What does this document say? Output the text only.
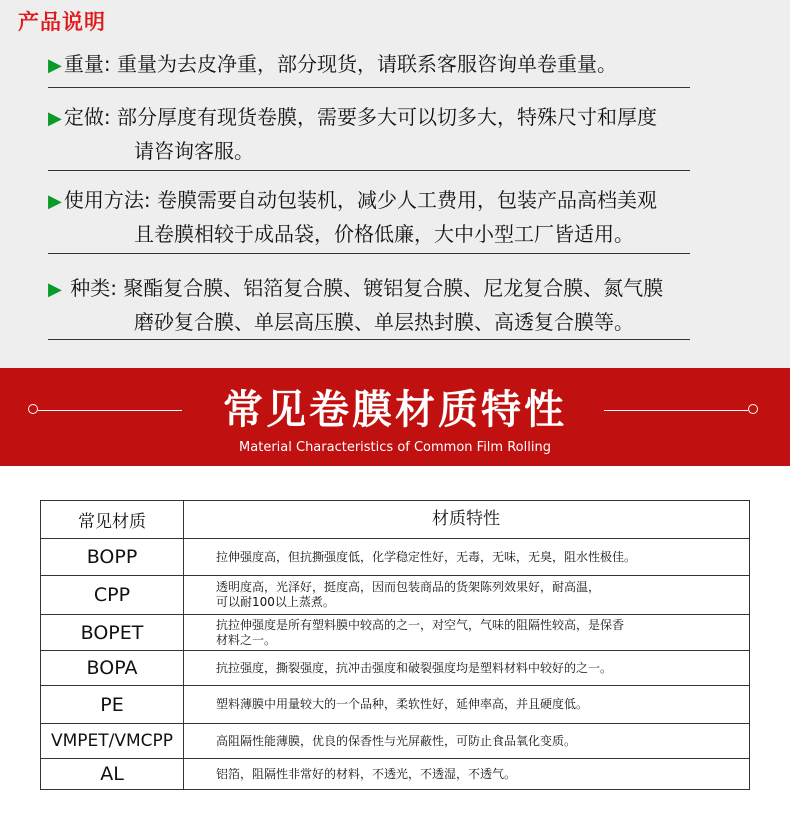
产品说明
▶ 重量: 重量为去皮净重，部分现货，请联系客服咨询单卷重量。
▶ 定做: 部分厚度有现货卷膜，需要多大可以切多大，特殊尺寸和厚度
请咨询客服。
▶ 使用方法: 卷膜需要自动包装机，减少人工费用，包装产品高档美观
且卷膜相较于成品袋，价格低廉，大中小型工厂皆适用。
▶ 种类: 聚酯复合膜、铝箔复合膜、镀铝复合膜、尼龙复合膜、氮气膜
磨砂复合膜、单层高压膜、单层热封膜、高透复合膜等。
常见卷膜材质特性
Material Characteristics of Common Film Rolling
常见材质	材质特性
BOPP	拉伸强度高，但抗撕强度低，化学稳定性好，无毒，无味，无臭，阻水性极佳。
CPP	透明度高，光泽好，挺度高，因而包装商品的货架陈列效果好，耐高温，
可以耐100以上蒸煮。
BOPET	抗拉伸强度是所有塑料膜中较高的之一，对空气，气味的阻隔性较高，是保香
材料之一。
BOPA	抗拉强度，撕裂强度，抗冲击强度和破裂强度均是塑料材料中较好的之一。
PE	塑料薄膜中用量较大的一个品种，柔软性好，延伸率高，并且硬度低。
VMPET/VMCPP	高阻隔性能薄膜，优良的保香性与光屏蔽性，可防止食品氧化变质。
AL	铝箔，阻隔性非常好的材料，不透光，不透湿，不透气。
